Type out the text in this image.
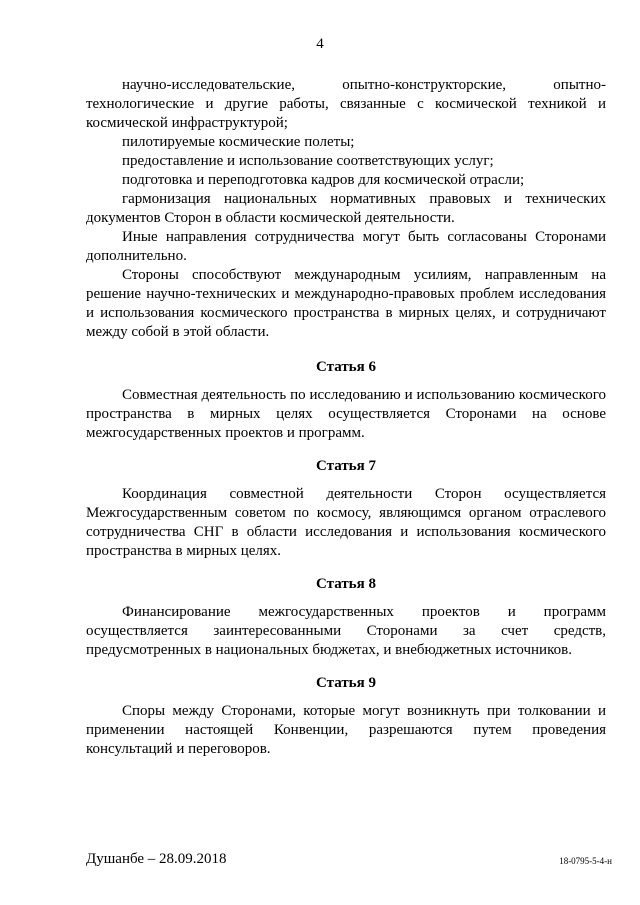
4

научно-исследовательские, опытно-конструкторские, опытно-технологические и другие работы, связанные с космической техникой и космической инфраструктурой;

пилотируемые космические полеты;

предоставление и использование соответствующих услуг;

подготовка и переподготовка кадров для космической отрасли;

гармонизация национальных нормативных правовых и технических документов Сторон в области космической деятельности.

Иные направления сотрудничества могут быть согласованы Сторонами дополнительно.

Стороны способствуют международным усилиям, направленным на решение научно-технических и международно-правовых проблем исследования и использования космического пространства в мирных целях, и сотрудничают между собой в этой области.

Статья 6

Совместная деятельность по исследованию и использованию космического пространства в мирных целях осуществляется Сторонами на основе межгосударственных проектов и программ.

Статья 7

Координация совместной деятельности Сторон осуществляется Межгосударственным советом по космосу, являющимся органом отраслевого сотрудничества СНГ в области исследования и использования космического пространства в мирных целях.

Статья 8

Финансирование межгосударственных проектов и программ осуществляется заинтересованными Сторонами за счет средств, предусмотренных в национальных бюджетах, и внебюджетных источников.

Статья 9

Споры между Сторонами, которые могут возникнуть при толковании и применении настоящей Конвенции, разрешаются путем проведения консультаций и переговоров.

Душанбе – 28.09.2018	18-0795-5-4-н
